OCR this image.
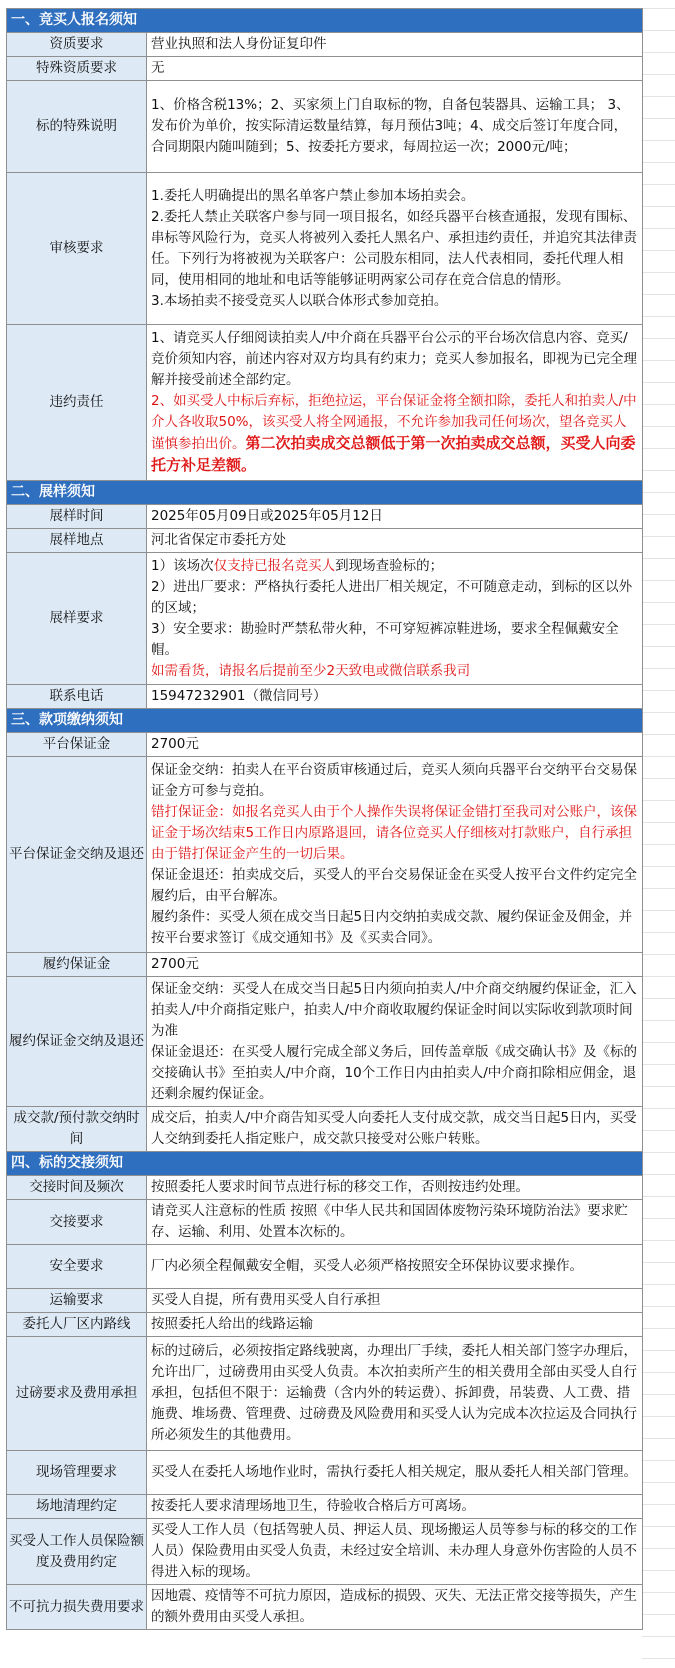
一、竞买人报名须知	
资质要求	营业执照和法人身份证复印件
特殊资质要求	无
标的特殊说明	1、价格含税13%；2、买家须上门自取标的物，自备包装器具、运输工具； 3、发布价为单价，按实际清运数量结算，每月预估3吨；4、成交后签订年度合同，合同期限内随叫随到；5、按委托方要求，每周拉运一次；2000元/吨；
审核要求	1.委托人明确提出的黑名单客户禁止参加本场拍卖会。
2.委托人禁止关联客户参与同一项目报名，如经兵器平台核查通报，发现有围标、串标等风险行为，竞买人将被列入委托人黑名户、承担违约责任，并追究其法律责任。下列行为将被视为关联客户：公司股东相同，法人代表相同，委托代理人相同，使用相同的地址和电话等能够证明两家公司存在竞合信息的情形。
3.本场拍卖不接受竞买人以联合体形式参加竞拍。

违约责任	1、请竞买人仔细阅读拍卖人/中介商在兵器平台公示的平台场次信息内容、竞买/竞价须知内容，前述内容对双方均具有约束力；竞买人参加报名，即视为已完全理解并接受前述全部约定。
2、如买受人中标后弃标，拒绝拉运，平台保证金将全额扣除，委托人和拍卖人/中介人各收取50%，该买受人将全网通报，不允许参加我司任何场次，望各竞买人谨慎参拍出价。第二次拍卖成交总额低于第一次拍卖成交总额，买受人向委托方补足差额。

二、展样须知	
展样时间	2025年05月09日或2025年05月12日
展样地点	河北省保定市委托方处
展样要求	1）该场次仅支持已报名竞买人到现场查验标的；
2）进出厂要求：严格执行委托人进出厂相关规定，不可随意走动，到标的区以外的区域；
3）安全要求：勘验时严禁私带火种，不可穿短裤凉鞋进场，要求全程佩戴安全帽。
如需看货，请报名后提前至少2天致电或微信联系我司

联系电话	15947232901（微信同号）
三、款项缴纳须知	
平台保证金	2700元
平台保证金交纳及退还	保证金交纳：拍卖人在平台资质审核通过后，竞买人须向兵器平台交纳平台交易保证金方可参与竞拍。
错打保证金：如报名竞买人由于个人操作失误将保证金错打至我司对公账户，该保证金于场次结束5工作日内原路退回，请各位竞买人仔细核对打款账户，自行承担由于错打保证金产生的一切后果。
保证金退还：拍卖成交后，买受人的平台交易保证金在买受人按平台文件约定完全履约后，由平台解冻。
履约条件：买受人须在成交当日起5日内交纳拍卖成交款、履约保证金及佣金，并按平台要求签订《成交通知书》及《买卖合同》。

履约保证金	2700元
履约保证金交纳及退还	保证金交纳：买受人在成交当日起5日内须向拍卖人/中介商交纳履约保证金，汇入拍卖人/中介商指定账户，拍卖人/中介商收取履约保证金时间以实际收到款项时间为准
保证金退还：在买受人履行完成全部义务后，回传盖章版《成交确认书》及《标的交接确认书》至拍卖人/中介商，10个工作日内由拍卖人/中介商扣除相应佣金，退还剩余履约保证金。

成交款/预付款交纳时间	成交后，拍卖人/中介商告知买受人向委托人支付成交款，成交当日起5日内，买受人交纳到委托人指定账户，成交款只接受对公账户转账。
四、标的交接须知	
交接时间及频次	按照委托人要求时间节点进行标的移交工作，否则按违约处理。
交接要求	请竞买人注意标的性质 按照《中华人民共和国固体废物污染环境防治法》要求贮存、运输、利用、处置本次标的。
安全要求	厂内必须全程佩戴安全帽，买受人必须严格按照安全环保协议要求操作。
运输要求	买受人自提，所有费用买受人自行承担
委托人厂区内路线	按照委托人给出的线路运输
过磅要求及费用承担	标的过磅后，必须按指定路线驶离，办理出厂手续，委托人相关部门签字办理后，允许出厂，过磅费用由买受人负责。本次拍卖所产生的相关费用全部由买受人自行承担，包括但不限于：运输费（含内外的转运费）、拆卸费，吊装费、人工费、措施费、堆场费、管理费、过磅费及风险费用和买受人认为完成本次拉运及合同执行所必须发生的其他费用。
现场管理要求	买受人在委托人场地作业时，需执行委托人相关规定，服从委托人相关部门管理。
场地清理约定	按委托人要求清理场地卫生，待验收合格后方可离场。
买受人工作人员保险额度及费用约定	买受人工作人员（包括驾驶人员、押运人员、现场搬运人员等参与标的移交的工作人员）保险费用由买受人负责，未经过安全培训、未办理人身意外伤害险的人员不得进入标的现场。
不可抗力损失费用要求	因地震、疫情等不可抗力原因，造成标的损毁、灭失、无法正常交接等损失，产生的额外费用由买受人承担。
